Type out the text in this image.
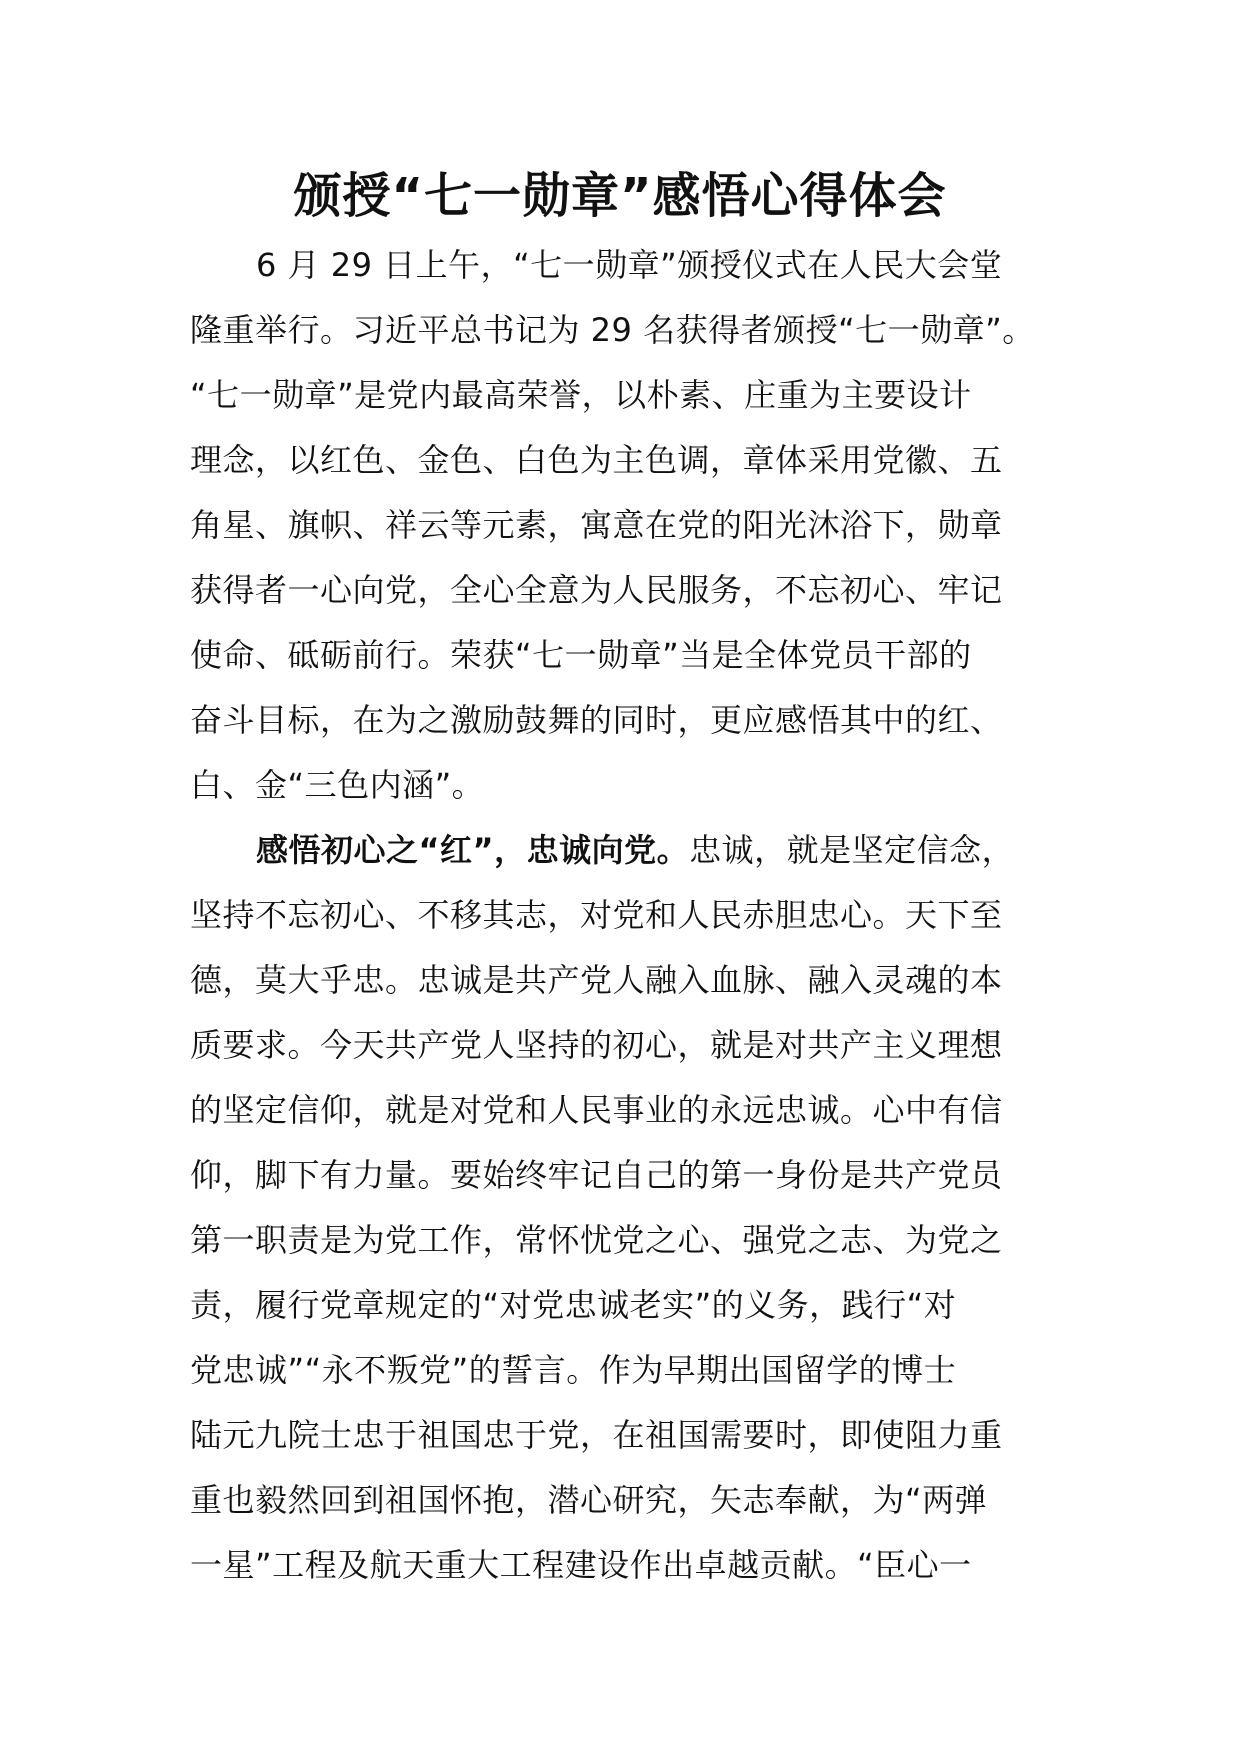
颁授“七一勋章”感悟心得体会
6 月 29 日上午，“七一勋章”颁授仪式在人民大会堂
隆重举行。习近平总书记为 29 名获得者颁授“七一勋章”。
“七一勋章”是党内最高荣誉，以朴素、庄重为主要设计
理念，以红色、金色、白色为主色调，章体采用党徽、五
角星、旗帜、祥云等元素，寓意在党的阳光沐浴下，勋章
获得者一心向党，全心全意为人民服务，不忘初心、牢记
使命、砥砺前行。荣获“七一勋章”当是全体党员干部的
奋斗目标，在为之激励鼓舞的同时，更应感悟其中的红、
白、金“三色内涵”。
感悟初心之“红”，忠诚向党。忠诚，就是坚定信念，
坚持不忘初心、不移其志，对党和人民赤胆忠心。天下至
德，莫大乎忠。忠诚是共产党人融入血脉、融入灵魂的本
质要求。今天共产党人坚持的初心，就是对共产主义理想
的坚定信仰，就是对党和人民事业的永远忠诚。心中有信
仰，脚下有力量。要始终牢记自己的第一身份是共产党员
第一职责是为党工作，常怀忧党之心、强党之志、为党之
责，履行党章规定的“对党忠诚老实”的义务，践行“对
党忠诚”“永不叛党”的誓言。作为早期出国留学的博士
陆元九院士忠于祖国忠于党，在祖国需要时，即使阻力重
重也毅然回到祖国怀抱，潜心研究，矢志奉献，为“两弹
一星”工程及航天重大工程建设作出卓越贡献。“臣心一
